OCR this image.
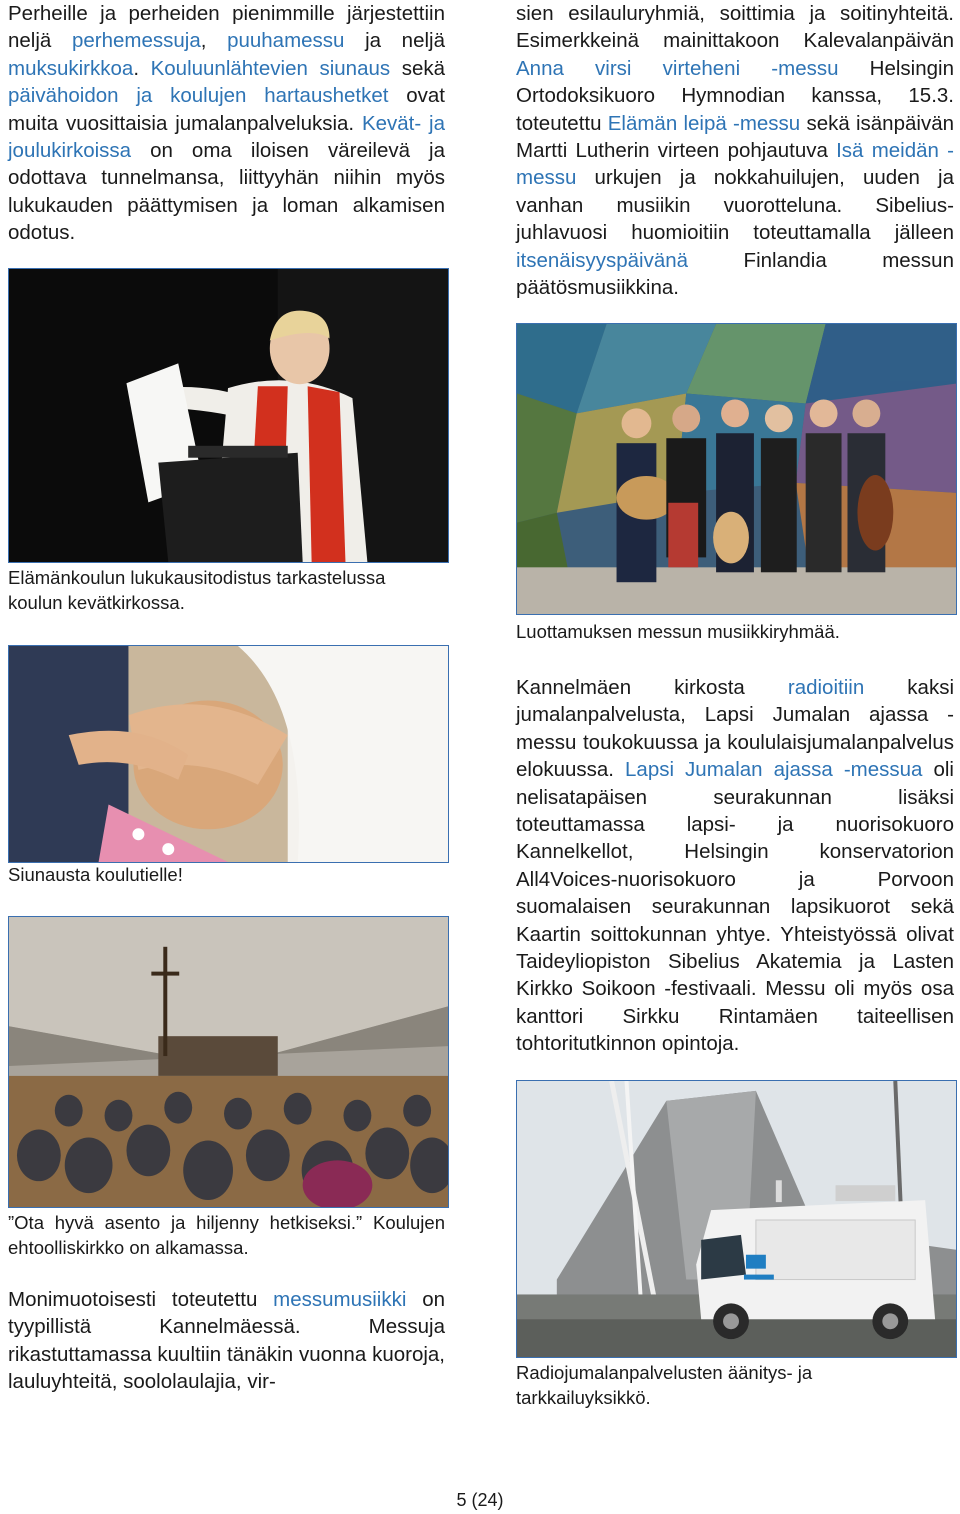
Perheille ja perheiden pienimmille järjestettiin neljä perhemessuja, puuhamessu ja neljä muksukirkkoa. Kouluunlähtevien siunaus sekä päivähoidon ja koulujen hartaushetket ovat muita vuosittaisia jumalanpalveluksia. Kevät- ja joulukirkoissa on oma iloisen väreilevä ja odottava tunnelmansa, liittyyhän niihin myös lukukauden päättymisen ja loman alkamisen odotus.

Elämänkoulun lukukausitodistus tarkastelussa koulun kevätkirkossa.
Siunausta koulutielle!
”Ota hyvä asento ja hiljenny hetkiseksi.” Koulujen ehtoolliskirkko on alkamassa.

Monimuotoisesti toteutettu messumusiikki on tyypillistä Kannelmäessä. Messuja rikastuttamassa kuultiin tänäkin vuonna kuoroja, lauluyhteitä, soololaulajia, vir-

sien esilauluryhmiä, soittimia ja soitinyhteitä. Esimerkkeinä mainittakoon Kalevalanpäivän Anna virsi virteheni -messu Helsingin Ortodoksikuoro Hymnodian kanssa, 15.3. toteutettu Elämän leipä -messu sekä isänpäivän Martti Lutherin virteen pohjautuva Isä meidän -messu urkujen ja nokkahuilujen, uuden ja vanhan musiikin vuorotteluna. Sibelius-juhlavuosi huomioitiin toteuttamalla jälleen itsenäisyyspäivänä Finlandia messun päätösmusiikkina.

Luottamuksen messun musiikkiryhmää.

Kannelmäen kirkosta radioitiin kaksi jumalanpalvelusta, Lapsi Jumalan ajassa -messu toukokuussa ja koululaisjumalanpalvelus elokuussa. Lapsi Jumalan ajassa -messua oli nelisatapäisen seurakunnan lisäksi toteuttamassa lapsi- ja nuorisokuoro Kannelkellot, Helsingin konservatorion All4Voices-nuorisokuoro ja Porvoon suomalaisen seurakunnan lapsikuorot sekä Kaartin soittokunnan yhtye. Yhteistyössä olivat Taideyliopiston Sibelius Akatemia ja Lasten Kirkko Soikoon -festivaali. Messu oli myös osa kanttori Sirkku Rintamäen taiteellisen tohtoritutkinnon opintoja.

Radiojumalanpalvelusten äänitys- ja tarkkailuyksikkö.
5 (24)
